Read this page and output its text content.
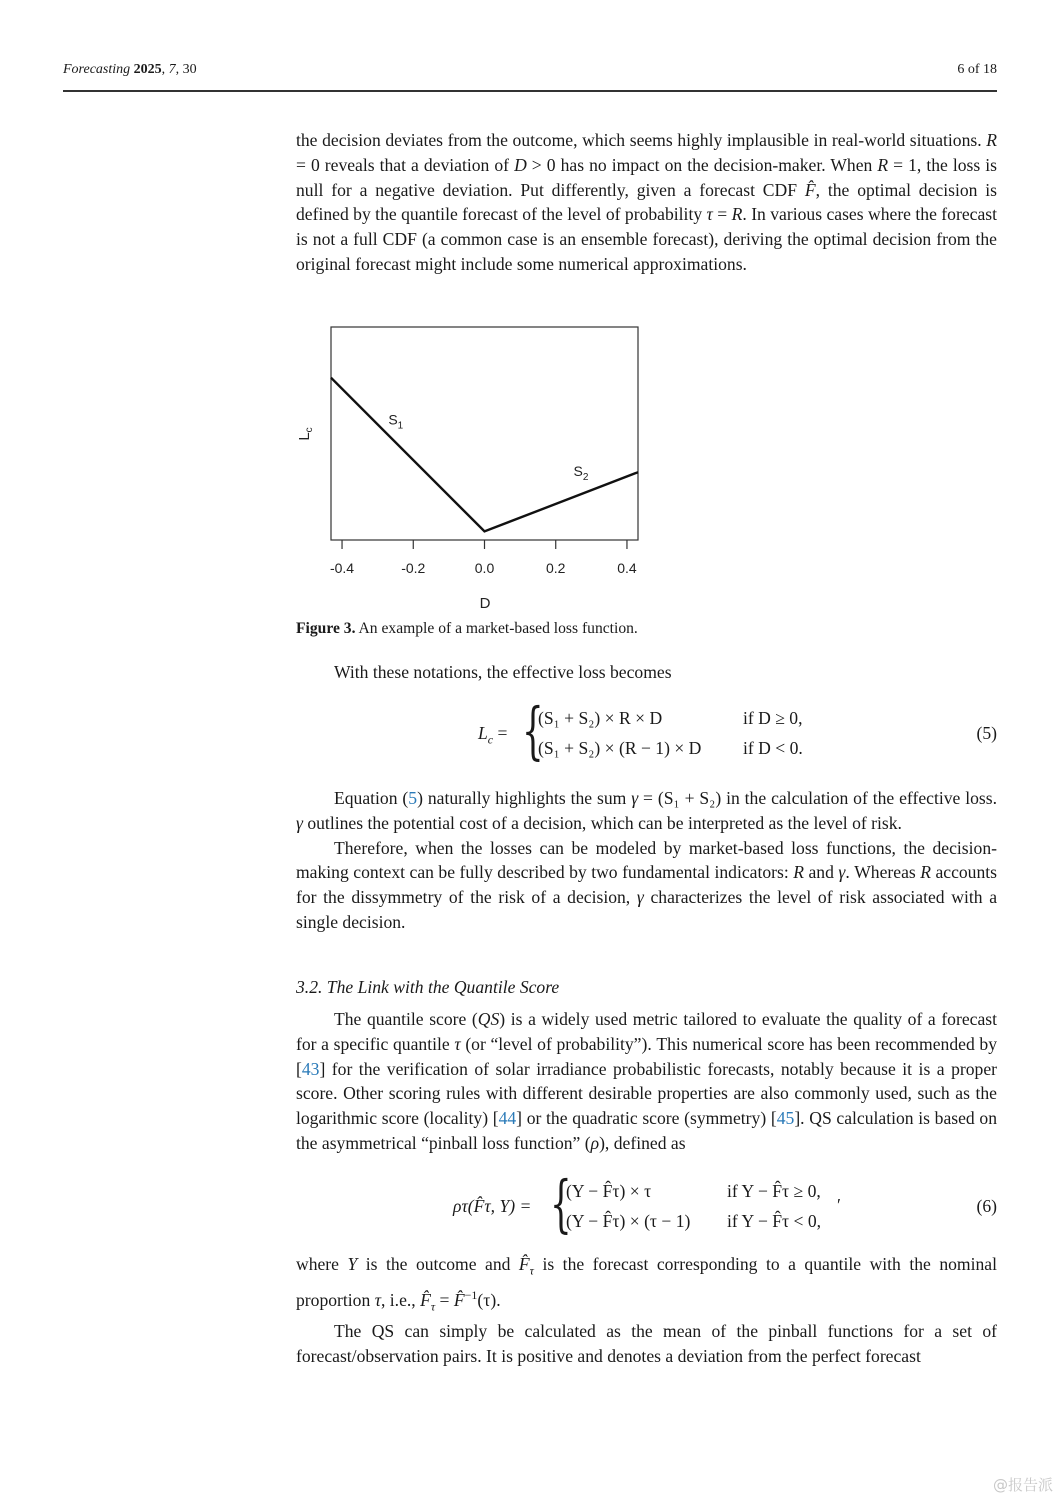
Forecasting 2025, 7, 30	6 of 18
the decision deviates from the outcome, which seems highly implausible in real-world situations. R = 0 reveals that a deviation of D > 0 has no impact on the decision-maker. When R = 1, the loss is null for a negative deviation. Put differently, given a forecast CDF F̂, the optimal decision is defined by the quantile forecast of the level of probability τ = R. In various cases where the forecast is not a full CDF (a common case is an ensemble forecast), deriving the optimal decision from the original forecast might include some numerical approximations.
-0.4	-0.2	0.0	0.2	0.4
$S_1$
$S_2$
D
$L_c$
Figure 3. An example of a market-based loss function.
With these notations, the effective loss becomes
$L_c$ = {
(S₁ + S₂) × R × D	if D ≥ 0,
(S₁ + S₂) × (R − 1) × D if D < 0.
(5)

Equation (5) naturally highlights the sum γ = (S₁ + S₂) in the calculation of the effective loss. γ outlines the potential cost of a decision, which can be interpreted as the level of risk.

Therefore, when the losses can be modeled by market-based loss functions, the decision-making context can be fully described by two fundamental indicators: R and γ. Whereas R accounts for the dissymmetry of the risk of a decision, γ characterizes the level of risk associated with a single decision.

3.2. The Link with the Quantile Score

The quantile score (QS) is a widely used metric tailored to evaluate the quality of a forecast for a specific quantile τ (or “level of probability”). This numerical score has been recommended by [43] for the verification of solar irradiance probabilistic forecasts, notably because it is a proper score. Other scoring rules with different desirable properties are also commonly used, such as the logarithmic score (locality) [44] or the quadratic score (symmetry) [45]. QS calculation is based on the asymmetrical “pinball loss function” (ρ), defined as

ρτ(F̂τ, Y) = {
(Y − F̂τ) × τ	if Y − F̂τ ≥ 0,
(Y − F̂τ) × (τ − 1) if Y − F̂τ < 0,
′	(6)

where Y is the outcome and $F̂_\tau$ is the forecast corresponding to a quantile with the nominal proportion τ, i.e., $F̂_\tau$ = F̂$^{-1}$(τ).

The QS can simply be calculated as the mean of the pinball functions for a set of forecast/observation pairs. It is positive and denotes a deviation from the perfect forecast

@报告派
